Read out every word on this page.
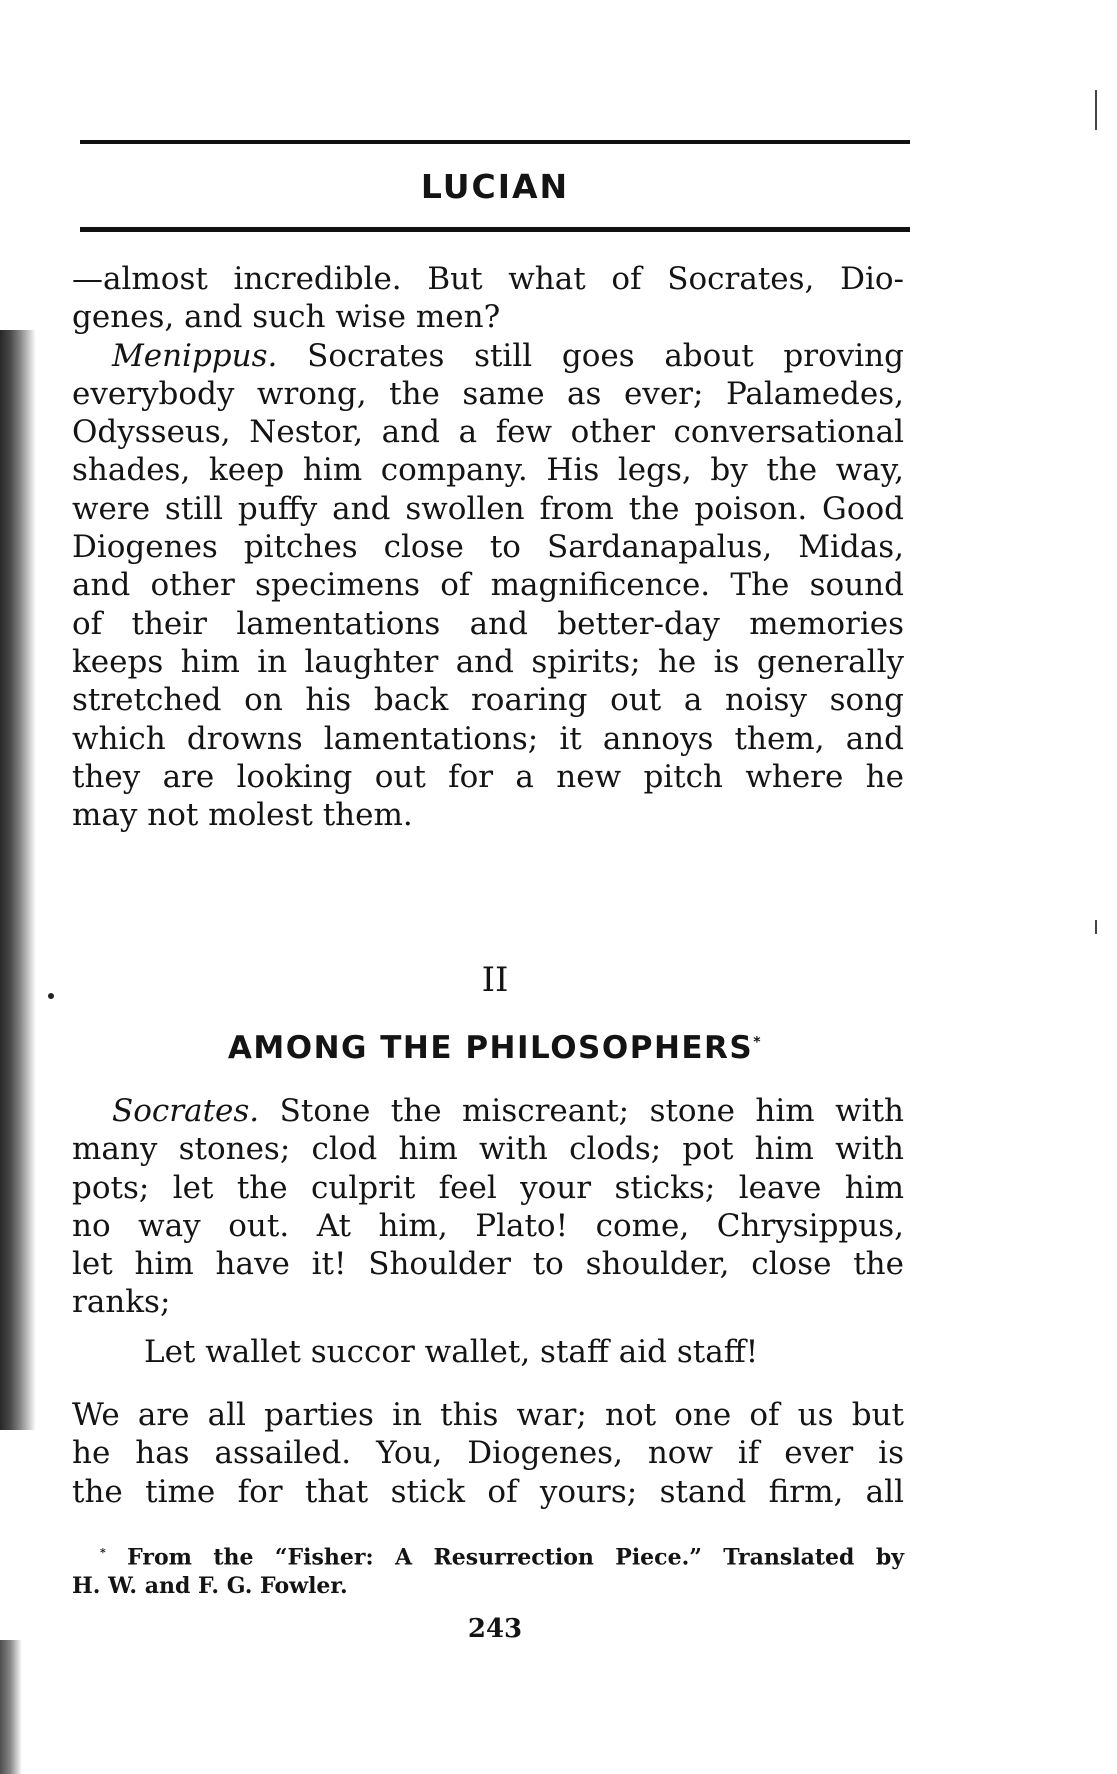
LUCIAN
—almost incredible. But what of Socrates, Dio-
genes, and such wise men?
Menippus. Socrates still goes about proving
everybody wrong, the same as ever; Palamedes,
Odysseus, Nestor, and a few other conversational
shades, keep him company. His legs, by the way,
were still puffy and swollen from the poison. Good
Diogenes pitches close to Sardanapalus, Midas,
and other specimens of magnificence. The sound
of their lamentations and better-day memories
keeps him in laughter and spirits; he is generally
stretched on his back roaring out a noisy song
which drowns lamentations; it annoys them, and
they are looking out for a new pitch where he
may not molest them.
II
AMONG THE PHILOSOPHERS*
Socrates. Stone the miscreant; stone him with
many stones; clod him with clods; pot him with
pots; let the culprit feel your sticks; leave him
no way out. At him, Plato! come, Chrysippus,
let him have it! Shoulder to shoulder, close the
ranks;
Let wallet succor wallet, staff aid staff!
We are all parties in this war; not one of us but
he has assailed. You, Diogenes, now if ever is
the time for that stick of yours; stand firm, all
* From the “Fisher: A Resurrection Piece.” Translated by
H. W. and F. G. Fowler.
243
